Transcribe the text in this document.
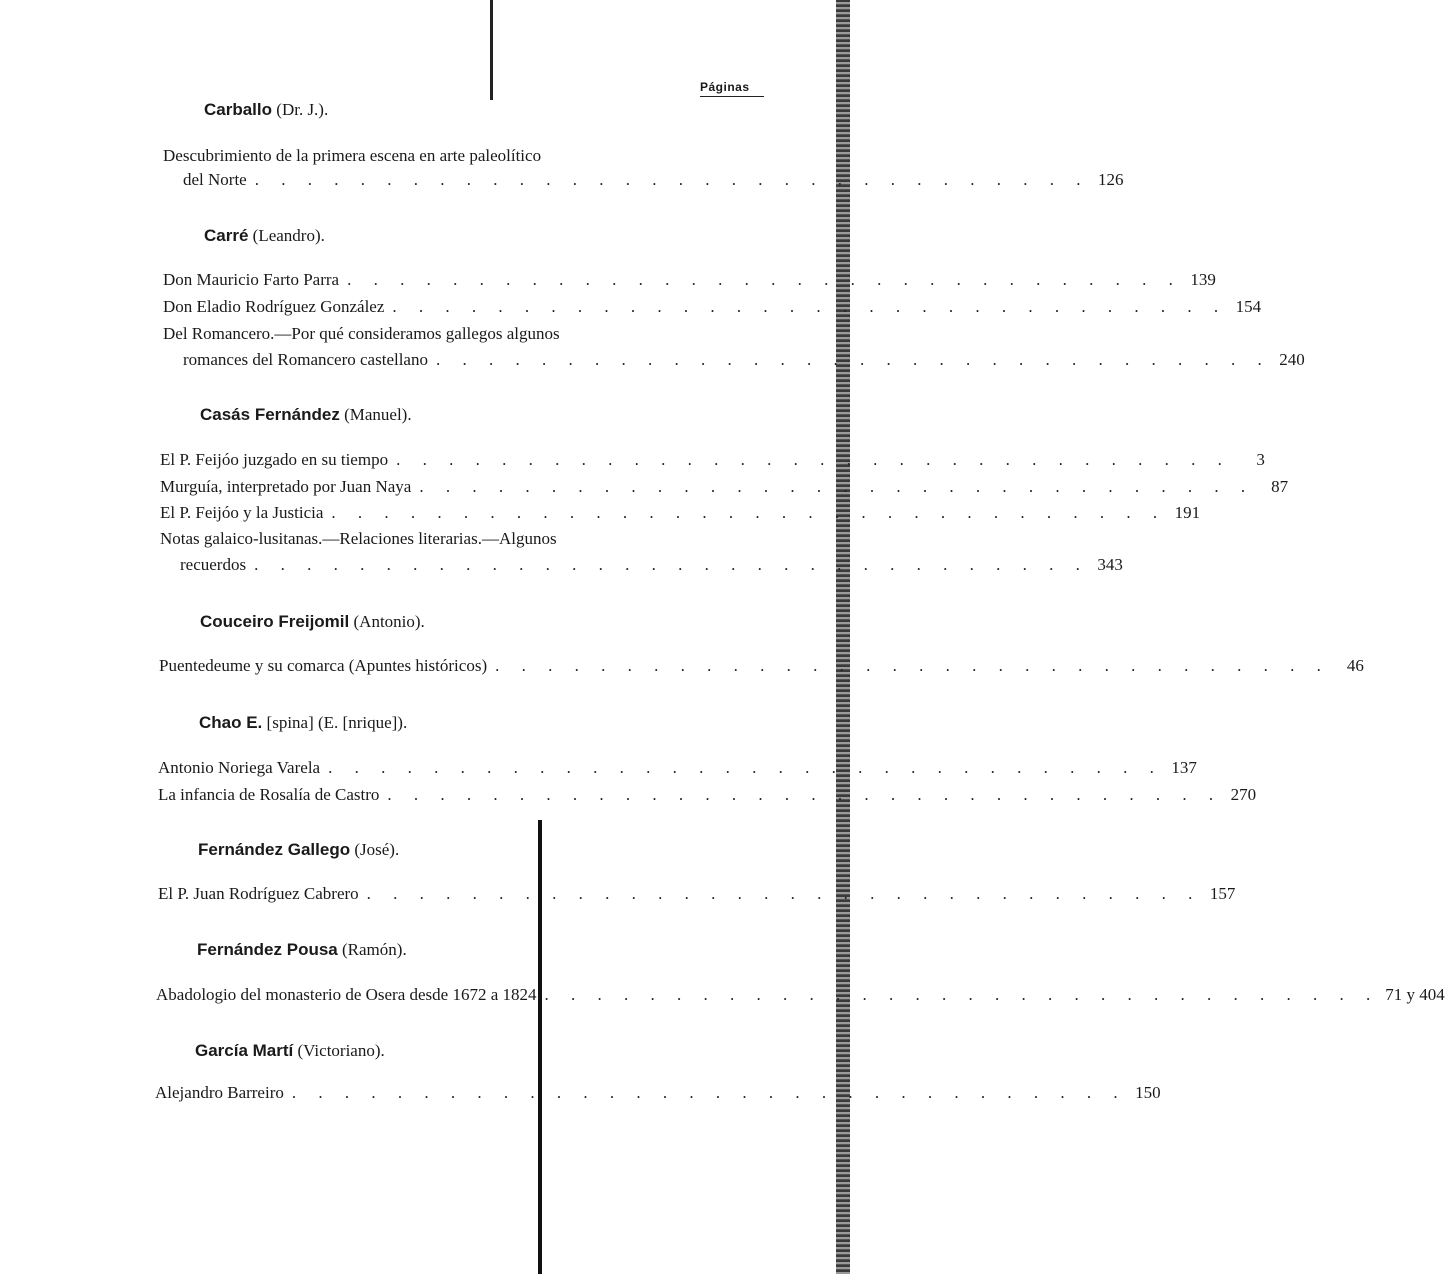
Páginas
Carballo (Dr. J.).
Descubrimiento de la primera escena en arte paleolítico
del Norte . . . . . . . . . . . . . . . . . . . . . . . . . . . . . . . . 126
Carré (Leandro).
Don Mauricio Farto Parra . . . . . . . . . . . . . . . . . . . . . . . . . . . . . . . . 139
Don Eladio Rodríguez González . . . . . . . . . . . . . . . . . . . . . . . . . . . . . . . . 154
Del Romancero.—Por qué consideramos gallegos algunos
romances del Romancero castellano . . . . . . . . . . . . . . . . . . . . . . . . . . . . . . . . 240
Casás Fernández (Manuel).
El P. Feijóo juzgado en su tiempo . . . . . . . . . . . . . . . . . . . . . . . . . . . . . . . .	3
Murguía, interpretado por Juan Naya . . . . . . . . . . . . . . . . . . . . . . . . . . . . . . . .	87
El P. Feijóo y la Justicia . . . . . . . . . . . . . . . . . . . . . . . . . . . . . . . . 191
Notas galaico-lusitanas.—Relaciones literarias.—Algunos
recuerdos . . . . . . . . . . . . . . . . . . . . . . . . . . . . . . . . 343
Couceiro Freijomil (Antonio).
Puentedeume y su comarca (Apuntes históricos) . . . . . . . . . . . . . . . . . . . . . . . . . . . . . . . .	46
Chao E. [spina] (E. [nrique]).
Antonio Noriega Varela . . . . . . . . . . . . . . . . . . . . . . . . . . . . . . . . 137
La infancia de Rosalía de Castro . . . . . . . . . . . . . . . . . . . . . . . . . . . . . . . . 270
Fernández Gallego (José).
El P. Juan Rodríguez Cabrero . . . . . . . . . . . . . . . . . . . . . . . . . . . . . . . . 157
Fernández Pousa (Ramón).
Abadologio del monasterio de Osera desde 1672 a 1824 . . . . . . . . . . . . . . . . . . . . . . . . . . . . . . . . 71 y 404
García Martí (Victoriano).
Alejandro Barreiro . . . . . . . . . . . . . . . . . . . . . . . . . . . . . . . . 150
